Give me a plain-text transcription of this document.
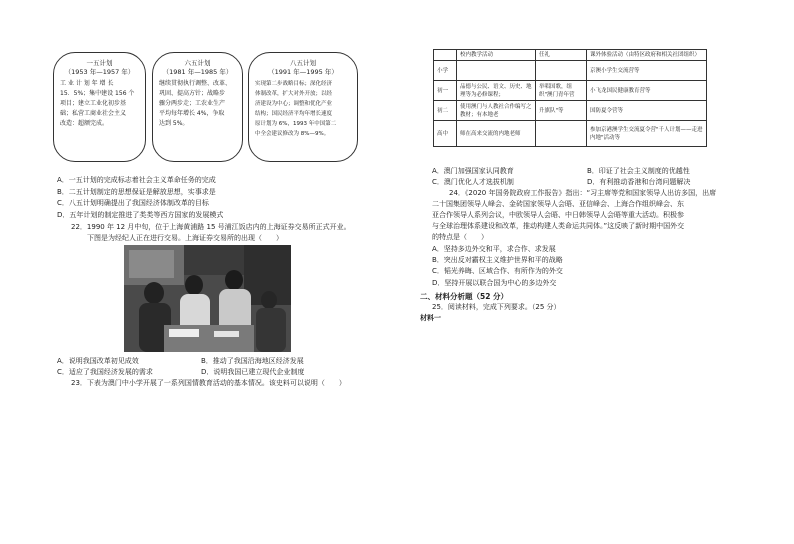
一五计划
（1953 年—1957 年）
工 业 计 划 年 增 长
15．5%；集中建设 156 个
项目；建立工业化初步基
础；私营工商业社会主义
改造：超额完成。
六五计划
（1981 年—1985 年）
继续贯彻执行调整、改革、
巩固、提高方针；战略步
骤分两步走；工农业生产
平均每年增长 4%，争取
达到 5%。
八五计划
（1991 年—1995 年）
实现第二步战略目标；深化经济
体制改革，扩大对外开放；以经
济建设为中心；调整和优化产业
结构；国民经济平均年增长速度
原计划为 6%，1993 年中国第二
中全会建议修改为 8%—9%。
A．一五计划的完成标志着社会主义革命任务的完成
B．二五计划制定的思想保证是解放思想，实事求是
C．八五计划明确提出了我国经济体制改革的目标
D．五年计划的制定推进了类类等西方国家的发展模式
22．1990 年 12 月中旬，位于上海黄浦路 15 号浦江饭店内的上海证券交易所正式开业。
下图是为经纪人正在进行交易。上海证券交易所的出现（　　）
A．说明我国改革初见成效	B．推动了我国沿海地区经济发展
C．适应了我国经济发展的需求	D．说明我国已建立现代企业制度
23．下表为澳门中小学开展了一系列国情教育活动的基本情况。该史料可以说明（　　）
	校内教学活动	任礼	课外体验活动（由特区政府和相关社团组织）
小学			京澳小学生交流营等
初一	品德与公民、语文、历史、地理等为必修课程；	举唱国歌，组织"澳门青年营	小飞龙国民健康教育营等
初二	使用澳门与人教社合作编写之教材；有本地老	升旗队"等	国防夏令营等
高中	师在高来交流的内地老师		参加京港澳学生交流夏令营"千人计划——走进内地"活动等
A．澳门加强国家认同教育	B．印证了社会主义制度的优越性
C．澳门优化人才选拔机制	D．有利推动香港和台湾问题解决
24．《2020 年国务院政府工作报告》指出：“习主席等党和国家领导人出访多国，出席
二十国集团领导人峰会、金砖国家领导人会晤、亚信峰会、上海合作组织峰会、东
亚合作领导人系列会议，中欧领导人会晤、中日韩领导人会晤等重大活动。积极参
与全球治理体系建设和改革，推动构建人类命运共同体。”这反映了新时期中国外交
的特点是（　　）
A．坚持多边外交和平，求合作、求发展
B．突出反对霸权主义维护世界和平的战略
C．韬光养晦、区域合作、有所作为的外交
D．坚持开展以联合国为中心的多边外交
二、材料分析题（52 分）
25．阅读材料，完成下列要求。（25 分）
材料一
